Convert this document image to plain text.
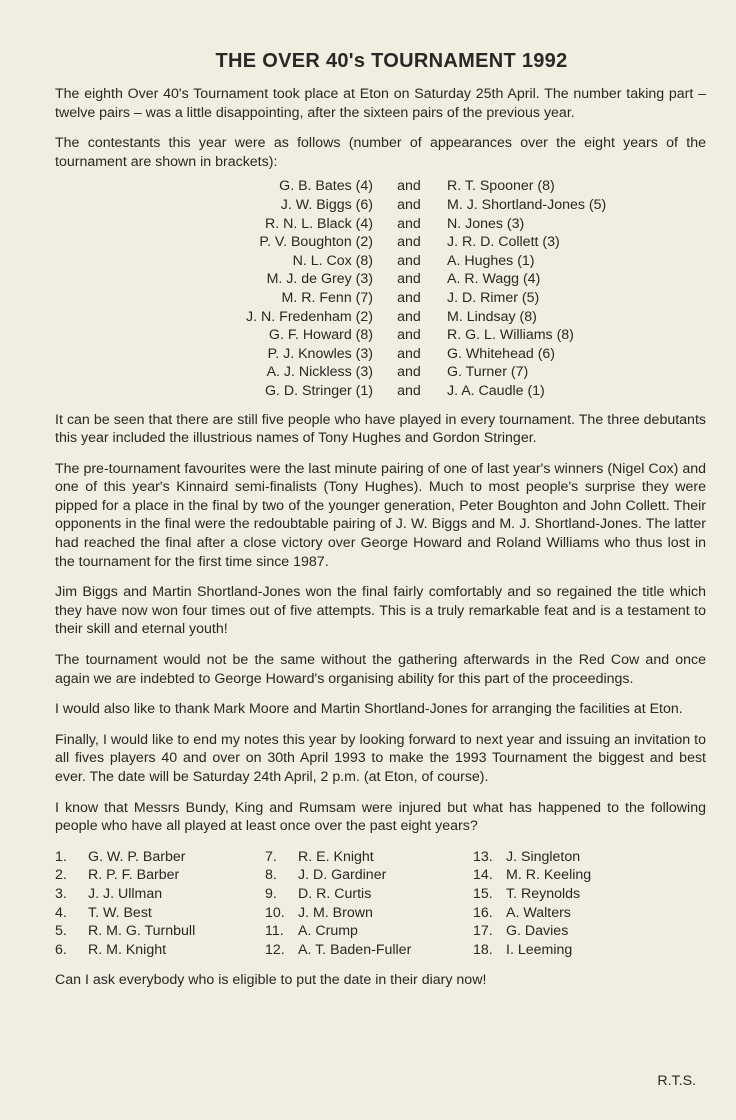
THE OVER 40's TOURNAMENT 1992

The eighth Over 40's Tournament took place at Eton on Saturday 25th April. The number taking part – twelve pairs – was a little disappointing, after the sixteen pairs of the previous year.

The contestants this year were as follows (number of appearances over the eight years of the tournament are shown in brackets):

G. B. Bates (4)	and	R. T. Spooner (8)
J. W. Biggs (6)	and	M. J. Shortland-Jones (5)
R. N. L. Black (4)	and	N. Jones (3)
P. V. Boughton (2)	and	J. R. D. Collett (3)
N. L. Cox (8)	and	A. Hughes (1)
M. J. de Grey (3)	and	A. R. Wagg (4)
M. R. Fenn (7)	and	J. D. Rimer (5)
J. N. Fredenham (2)	and	M. Lindsay (8)
G. F. Howard (8)	and	R. G. L. Williams (8)
P. J. Knowles (3)	and	G. Whitehead (6)
A. J. Nickless (3)	and	G. Turner (7)
G. D. Stringer (1)	and	J. A. Caudle (1)

It can be seen that there are still five people who have played in every tournament. The three debutants this year included the illustrious names of Tony Hughes and Gordon Stringer.

The pre-tournament favourites were the last minute pairing of one of last year's winners (Nigel Cox) and one of this year's Kinnaird semi-finalists (Tony Hughes). Much to most people's surprise they were pipped for a place in the final by two of the younger generation, Peter Boughton and John Collett. Their opponents in the final were the redoubtable pairing of J. W. Biggs and M. J. Shortland-Jones. The latter had reached the final after a close victory over George Howard and Roland Williams who thus lost in the tournament for the first time since 1987.

Jim Biggs and Martin Shortland-Jones won the final fairly comfortably and so regained the title which they have now won four times out of five attempts. This is a truly remarkable feat and is a testament to their skill and eternal youth!

The tournament would not be the same without the gathering afterwards in the Red Cow and once again we are indebted to George Howard's organising ability for this part of the proceedings.

I would also like to thank Mark Moore and Martin Shortland-Jones for arranging the facilities at Eton.

Finally, I would like to end my notes this year by looking forward to next year and issuing an invitation to all fives players 40 and over on 30th April 1993 to make the 1993 Tournament the biggest and best ever. The date will be Saturday 24th April, 2 p.m. (at Eton, of course).

I know that Messrs Bundy, King and Rumsam were injured but what has happened to the following people who have all played at least once over the past eight years?

1.	G. W. P. Barber
2.	R. P. F. Barber
3.	J. J. Ullman
4.	T. W. Best
5.	R. M. G. Turnbull
6.	R. M. Knight
7.	R. E. Knight
8.	J. D. Gardiner
9.	D. R. Curtis
10. J. M. Brown
11.	A. Crump
12. A. T. Baden-Fuller
13. J. Singleton
14. M. R. Keeling
15. T. Reynolds
16. A. Walters
17. G. Davies
18. I. Leeming

Can I ask everybody who is eligible to put the date in their diary now!

R.T.S.
